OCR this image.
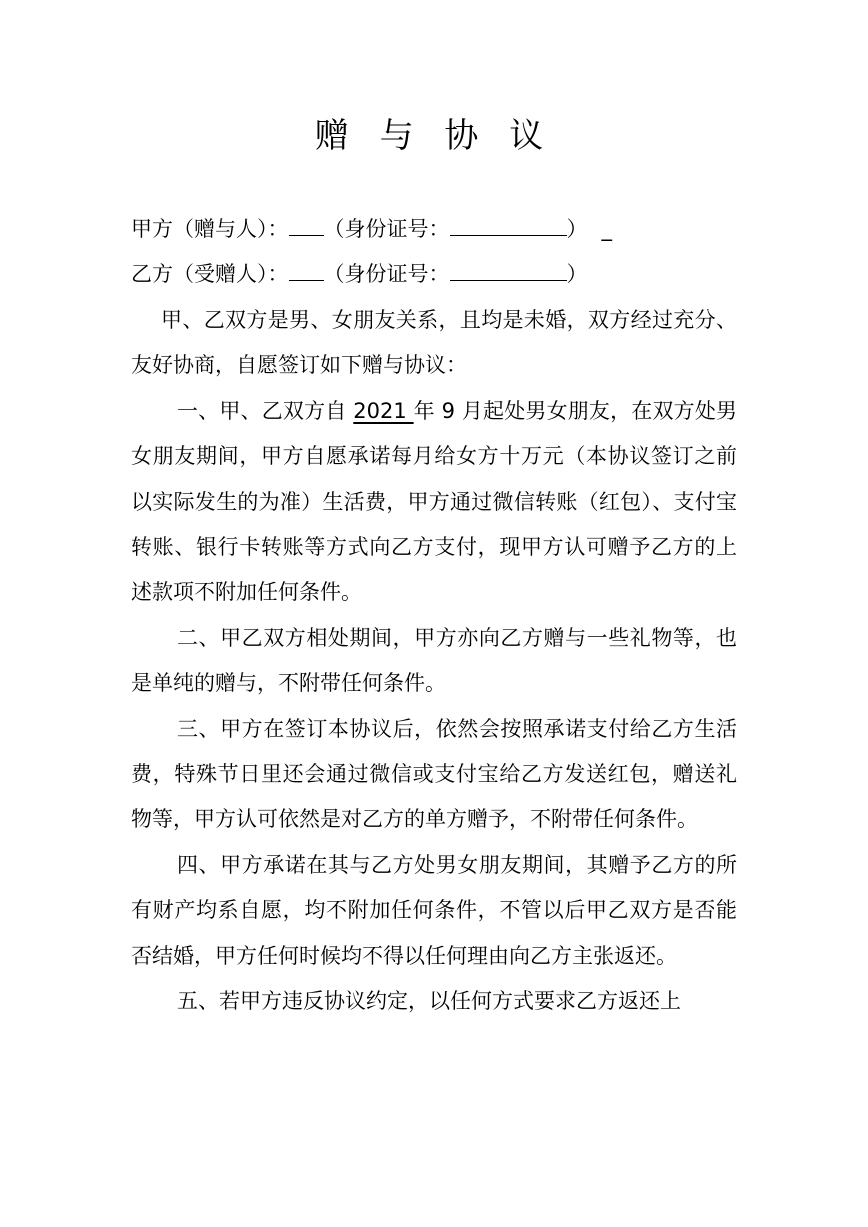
赠 与 协 议
甲方（赠与人）： （身份证号：	） _
乙方（受赠人）： （身份证号：	）

甲、乙双方是男、女朋友关系，且均是未婚，双方经过充分、友好协商，自愿签订如下赠与协议：

一、甲、乙双方自 2021 年 9 月起处男女朋友，在双方处男女朋友期间，甲方自愿承诺每月给女方十万元（本协议签订之前以实际发生的为准）生活费，甲方通过微信转账（红包）、支付宝转账、银行卡转账等方式向乙方支付，现甲方认可赠予乙方的上述款项不附加任何条件。

二、甲乙双方相处期间，甲方亦向乙方赠与一些礼物等，也是单纯的赠与，不附带任何条件。

三、甲方在签订本协议后，依然会按照承诺支付给乙方生活费，特殊节日里还会通过微信或支付宝给乙方发送红包，赠送礼物等，甲方认可依然是对乙方的单方赠予，不附带任何条件。

四、甲方承诺在其与乙方处男女朋友期间，其赠予乙方的所有财产均系自愿，均不附加任何条件，不管以后甲乙双方是否能否结婚，甲方任何时候均不得以任何理由向乙方主张返还。

五、若甲方违反协议约定，以任何方式要求乙方返还上
